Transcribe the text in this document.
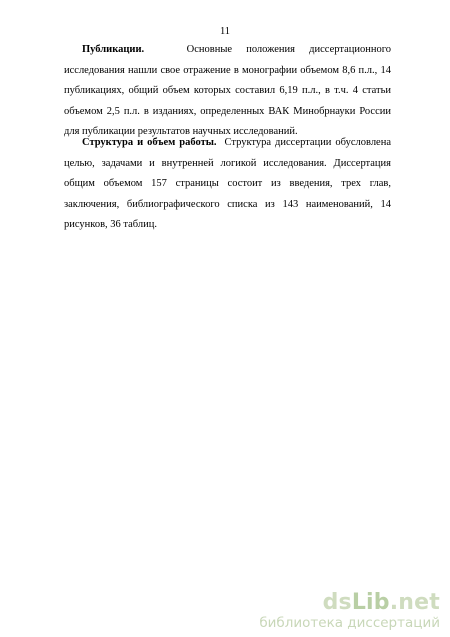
11
Публикации.	Основные положения диссертационного исследования нашли свое отражение в монографии объемом 8,6 п.л., 14 публикациях, общий объем которых составил 6,19 п.л., в т.ч. 4 статьи объемом 2,5 п.л. в изданиях, определенных ВАК Минобрнауки России для публикации результатов научных исследований.
Структура и объем работы. Структура диссертации обусловлена целью, задачами и внутренней логикой исследования. Диссертация общим объемом 157 страницы состоит из введения, трех глав, заключения, библиографического списка из 143 наименований, 14 рисунков, 36 таблиц.
dsLib.net
библиотека диссертаций
